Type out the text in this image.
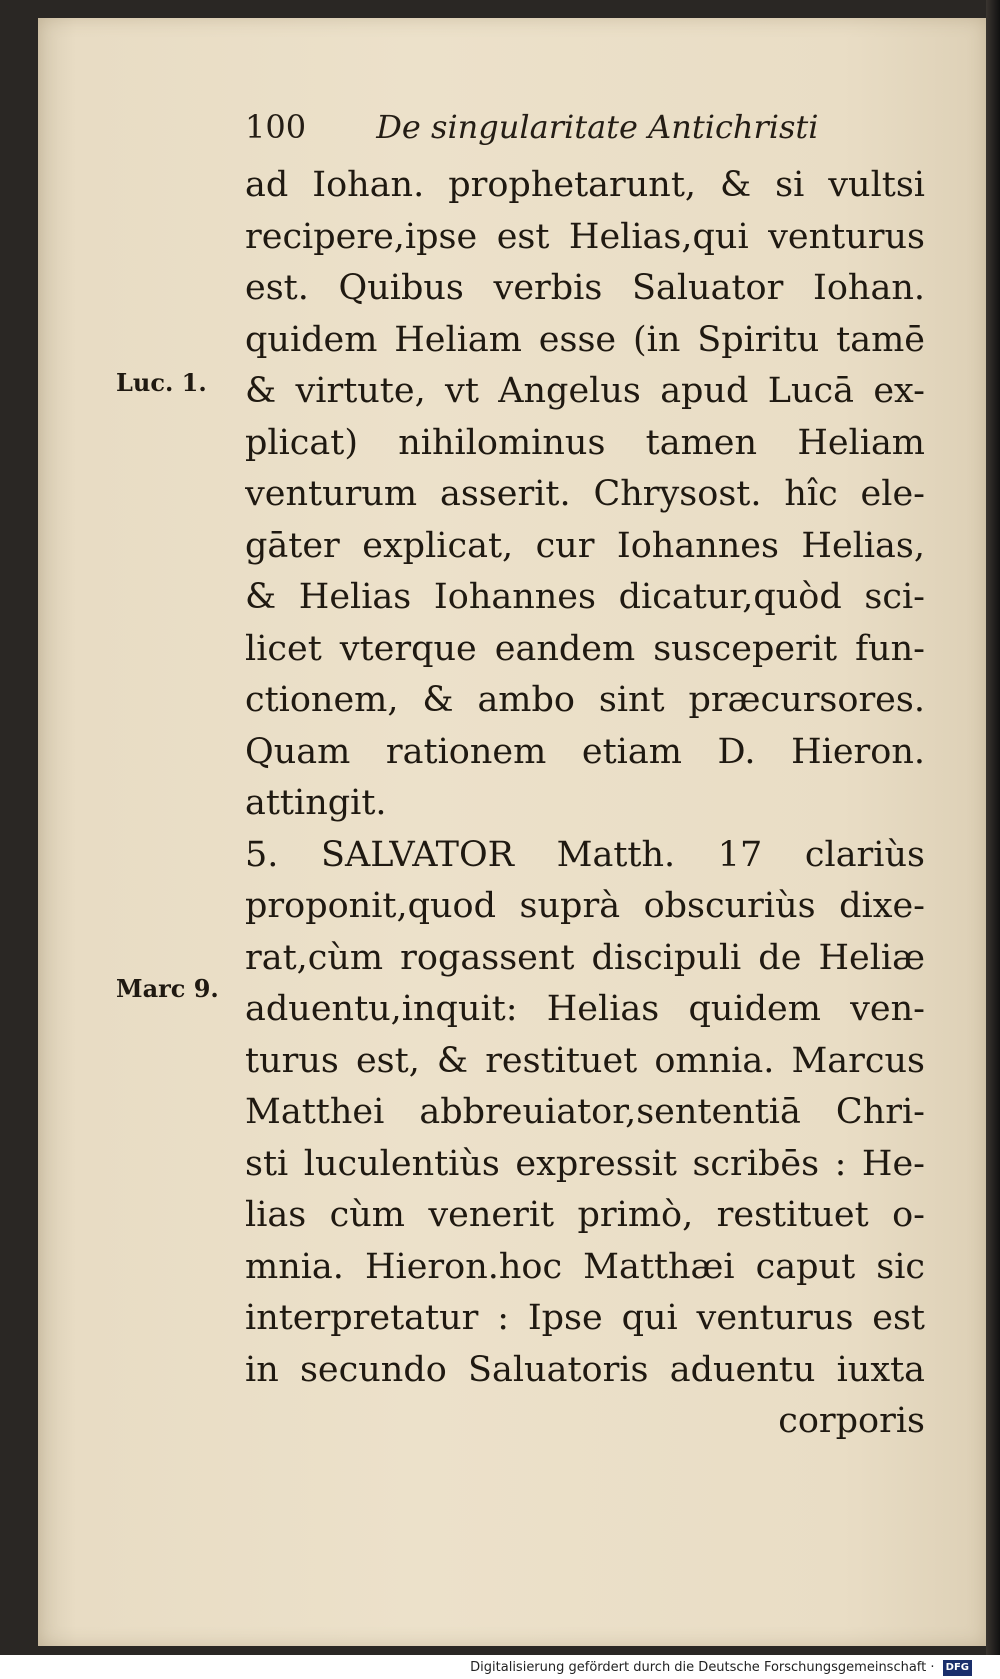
100 De singularitate Antichristi
Luc. 1.
Marc 9.
ad Iohan. prophetarunt, & si vultsi
recipere,ipse est Helias,qui venturus
est. Quibus verbis Saluator Iohan.
quidem Heliam esse (in Spiritu tamē
& virtute, vt Angelus apud Lucā ex-
plicat) nihilominus tamen Heliam
venturum asserit. Chrysost. hîc ele-
gāter explicat, cur Iohannes Helias,
& Helias Iohannes dicatur,quòd sci-
licet vterque eandem susceperit fun-
ctionem, & ambo sint præcursores.
Quam rationem etiam D. Hieron.
attingit.
5. SALVATOR Matth. 17 clariùs
proponit,quod suprà obscuriùs dixe-
rat,cùm rogassent discipuli de Heliæ
aduentu,inquit: Helias quidem ven-
turus est, & restituet omnia. Marcus
Matthei abbreuiator,sententiā Chri-
sti luculentiùs expressit scribēs : He-
lias cùm venerit primò, restituet o-
mnia. Hieron.hoc Matthæi caput sic
interpretatur : Ipse qui venturus est
in secundo Saluatoris aduentu iuxta
corporis
Digitalisierung gefördert durch die Deutsche Forschungsgemeinschaft · DFG
